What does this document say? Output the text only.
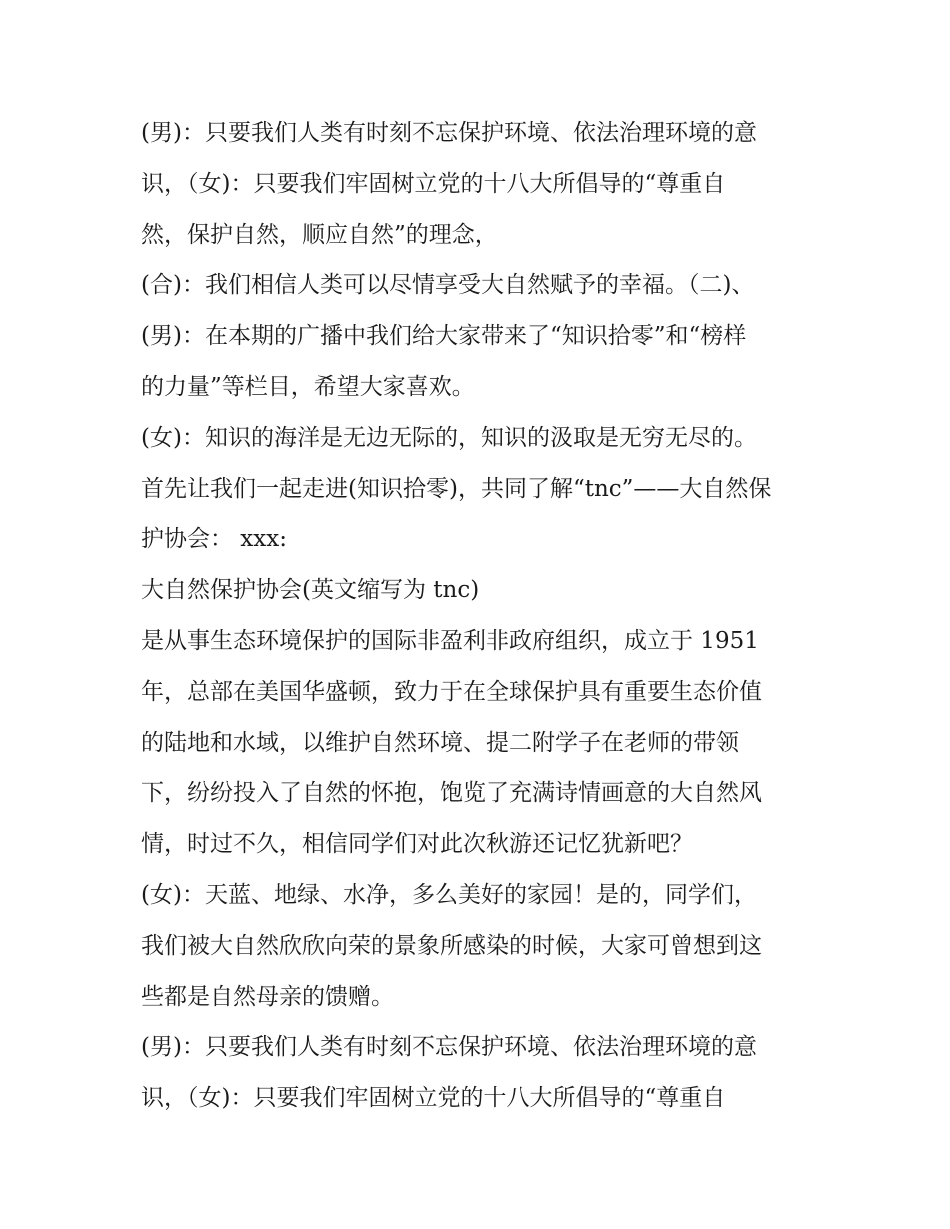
(男)：只要我们人类有时刻不忘保护环境、依法治理环境的意
识，（女)：只要我们牢固树立党的十八大所倡导的“尊重自
然，保护自然，顺应自然”的理念，
(合)：我们相信人类可以尽情享受大自然赋予的幸福。（二)、
(男)：在本期的广播中我们给大家带来了“知识拾零”和“榜样
的力量”等栏目，希望大家喜欢。
(女)：知识的海洋是无边无际的，知识的汲取是无穷无尽的。
首先让我们一起走进(知识拾零)，共同了解“tnc”——大自然保
护协会： xxx:
大自然保护协会(英文缩写为 tnc)
是从事生态环境保护的国际非盈利非政府组织，成立于 1951
年，总部在美国华盛顿，致力于在全球保护具有重要生态价值
的陆地和水域，以维护自然环境、提二附学子在老师的带领
下，纷纷投入了自然的怀抱，饱览了充满诗情画意的大自然风
情，时过不久，相信同学们对此次秋游还记忆犹新吧？
(女)：天蓝、地绿、水净，多么美好的家园！是的，同学们，
我们被大自然欣欣向荣的景象所感染的时候，大家可曾想到这
些都是自然母亲的馈赠。
(男)：只要我们人类有时刻不忘保护环境、依法治理环境的意
识，（女)：只要我们牢固树立党的十八大所倡导的“尊重自
